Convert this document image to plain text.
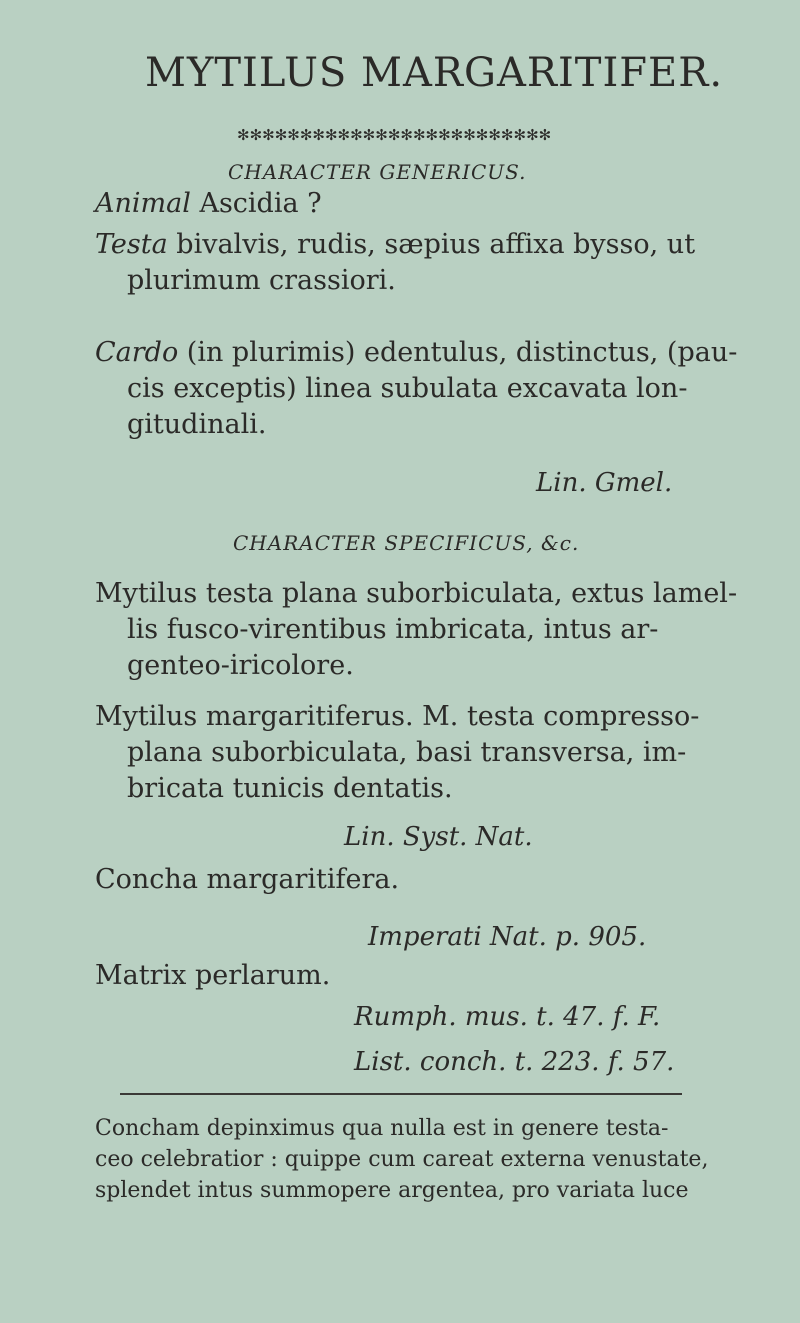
MYTILUS MARGARITIFER.
✻✻✻✻✻✻✻✻✻✻✻✻✻✻✻✻✻✻✻✻✻✻✻✻✻
CHARACTER GENERICUS.
Animal Ascidia ?
Testa bivalvis, rudis, sæpius affixa bysso, ut
plurimum crassiori.
Cardo (in plurimis) edentulus, distinctus, (pau-
cis exceptis) linea subulata excavata lon-
gitudinali.
Lin. Gmel.
CHARACTER SPECIFICUS, &c.
Mytilus testa plana suborbiculata, extus lamel-
lis fusco-virentibus imbricata, intus ar-
genteo-iricolore.
Mytilus margaritiferus. M. testa compresso-
plana suborbiculata, basi transversa, im-
bricata tunicis dentatis.
Lin. Syst. Nat.
Concha margaritifera.
Imperati Nat. p. 905.
Matrix perlarum.
Rumph. mus. t. 47. f. F.
List. conch. t. 223. f. 57.
Concham depinximus qua nulla est in genere testa-
ceo celebratior : quippe cum careat externa venustate,
splendet intus summopere argentea, pro variata luce
